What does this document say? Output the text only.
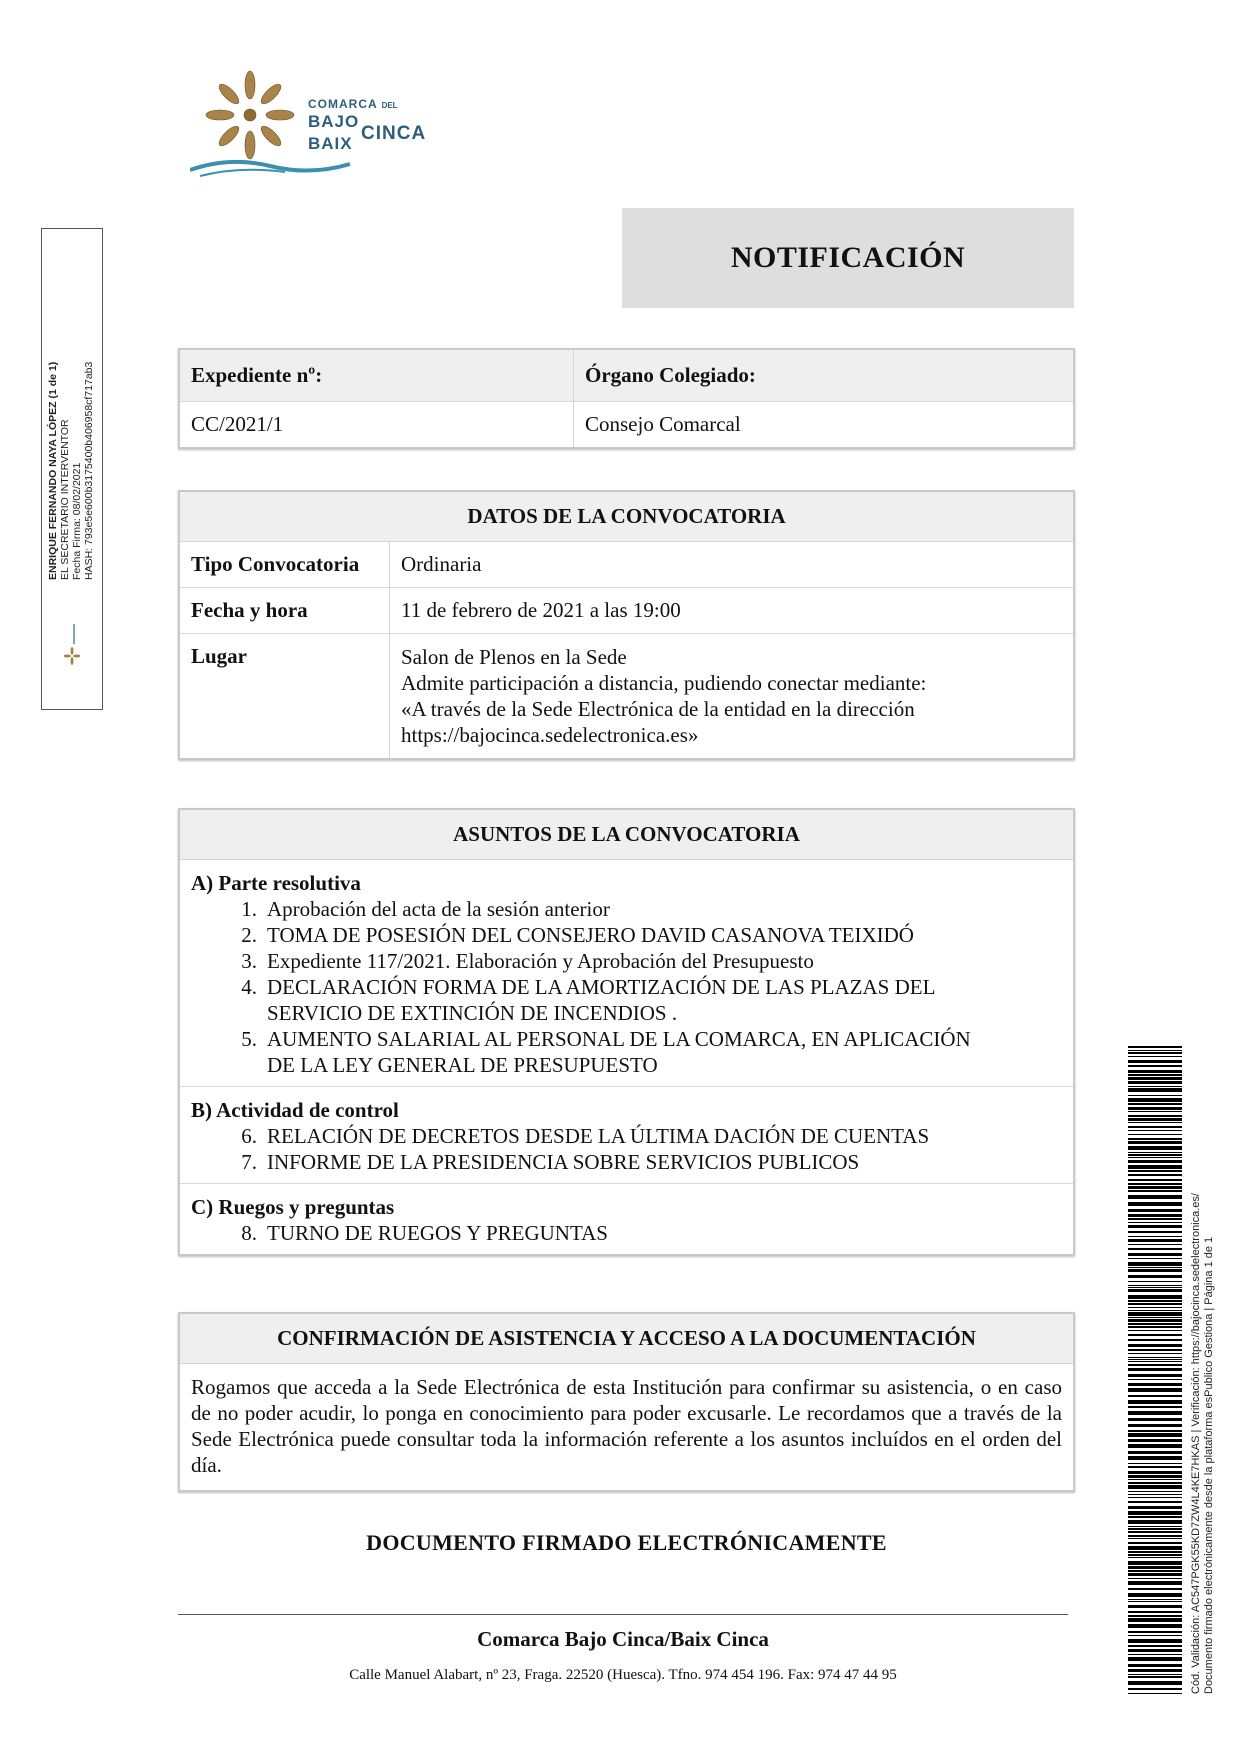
COMARCA DEL
BAJO
BAIX CINCA
ENRIQUE FERNANDO NAYA LÓPEZ (1 de 1) EL SECRETARIO INTERVENTOR Fecha Firma: 08/02/2021 HASH: 793e5e600b3175400b406958cf717ab3
NOTIFICACIÓN
Expediente nº:	Órgano Colegiado:
CC/2021/1	Consejo Comarcal
DATOS DE LA CONVOCATORIA
Tipo Convocatoria	Ordinaria
Fecha y hora	11 de febrero de 2021 a las 19:00
Lugar	Salon de Plenos en la Sede
Admite participación a distancia, pudiendo conectar mediante:
«A través de la Sede Electrónica de la entidad en la dirección
https://bajocinca.sedelectronica.es»
ASUNTOS DE LA CONVOCATORIA
A) Parte resolutiva
1. Aprobación del acta de la sesión anterior
2. TOMA DE POSESIÓN DEL CONSEJERO DAVID CASANOVA TEIXIDÓ
3. Expediente 117/2021. Elaboración y Aprobación del Presupuesto
4. DECLARACIÓN FORMA DE LA AMORTIZACIÓN DE LAS PLAZAS DEL
SERVICIO DE EXTINCIÓN DE INCENDIOS .
5. AUMENTO SALARIAL AL PERSONAL DE LA COMARCA, EN APLICACIÓN
DE LA LEY GENERAL DE PRESUPUESTO
B) Actividad de control
6. RELACIÓN DE DECRETOS DESDE LA ÚLTIMA DACIÓN DE CUENTAS
7. INFORME DE LA PRESIDENCIA SOBRE SERVICIOS PUBLICOS
C) Ruegos y preguntas
8. TURNO DE RUEGOS Y PREGUNTAS
CONFIRMACIÓN DE ASISTENCIA Y ACCESO A LA DOCUMENTACIÓN
Rogamos que acceda a la Sede Electrónica de esta Institución para confirmar su asistencia, o en caso de no poder acudir, lo ponga en conocimiento para poder excusarle. Le recordamos que a través de la Sede Electrónica puede consultar toda la información referente a los asuntos incluídos en el orden del día.
DOCUMENTO FIRMADO ELECTRÓNICAMENTE
Comarca Bajo Cinca/Baix Cinca
Calle Manuel Alabart, nº 23, Fraga. 22520 (Huesca). Tfno. 974 454 196. Fax: 974 47 44 95	Cód. Validación: AC547PGK55KD7ZW4L4KE7HKAS | Verificación: https://bajocinca.sedelectronica.es/ Documento firmado electrónicamente desde la plataforma esPublico Gestiona | Página 1 de 1
